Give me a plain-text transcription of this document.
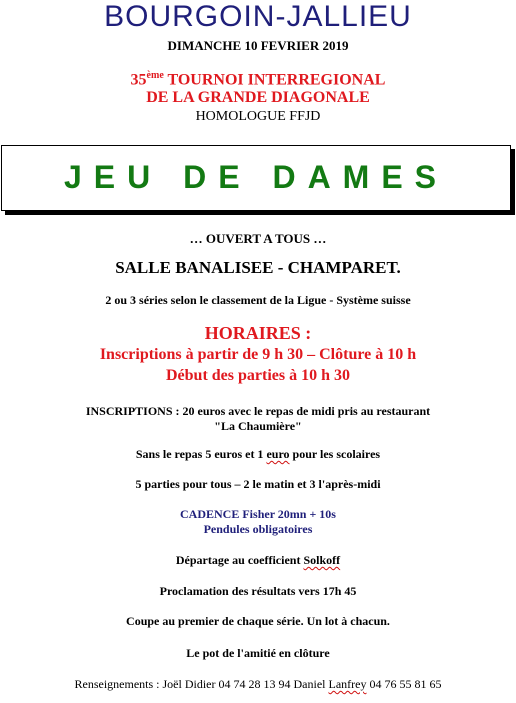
BOURGOIN-JALLIEU
DIMANCHE 10 FEVRIER 2019
35ème TOURNOI INTERREGIONAL
DE LA GRANDE DIAGONALE
HOMOLOGUE FFJD
JEU DE DAMES
… OUVERT A TOUS …
SALLE BANALISEE - CHAMPARET.
2 ou 3 séries selon le classement de la Ligue - Système suisse
HORAIRES :
Inscriptions à partir de 9 h 30 – Clôture à 10 h
Début des parties à 10 h 30
INSCRIPTIONS : 20 euros avec le repas de midi pris au restaurant
"La Chaumière"
Sans le repas 5 euros et 1 euro pour les scolaires
5 parties pour tous – 2 le matin et 3 l'après-midi
CADENCE Fisher 20mn + 10s
Pendules obligatoires
Départage au coefficient Solkoff
Proclamation des résultats vers 17h 45
Coupe au premier de chaque série. Un lot à chacun.
Le pot de l'amitié en clôture
Renseignements : Joël Didier 04 74 28 13 94 Daniel Lanfrey 04 76 55 81 65
